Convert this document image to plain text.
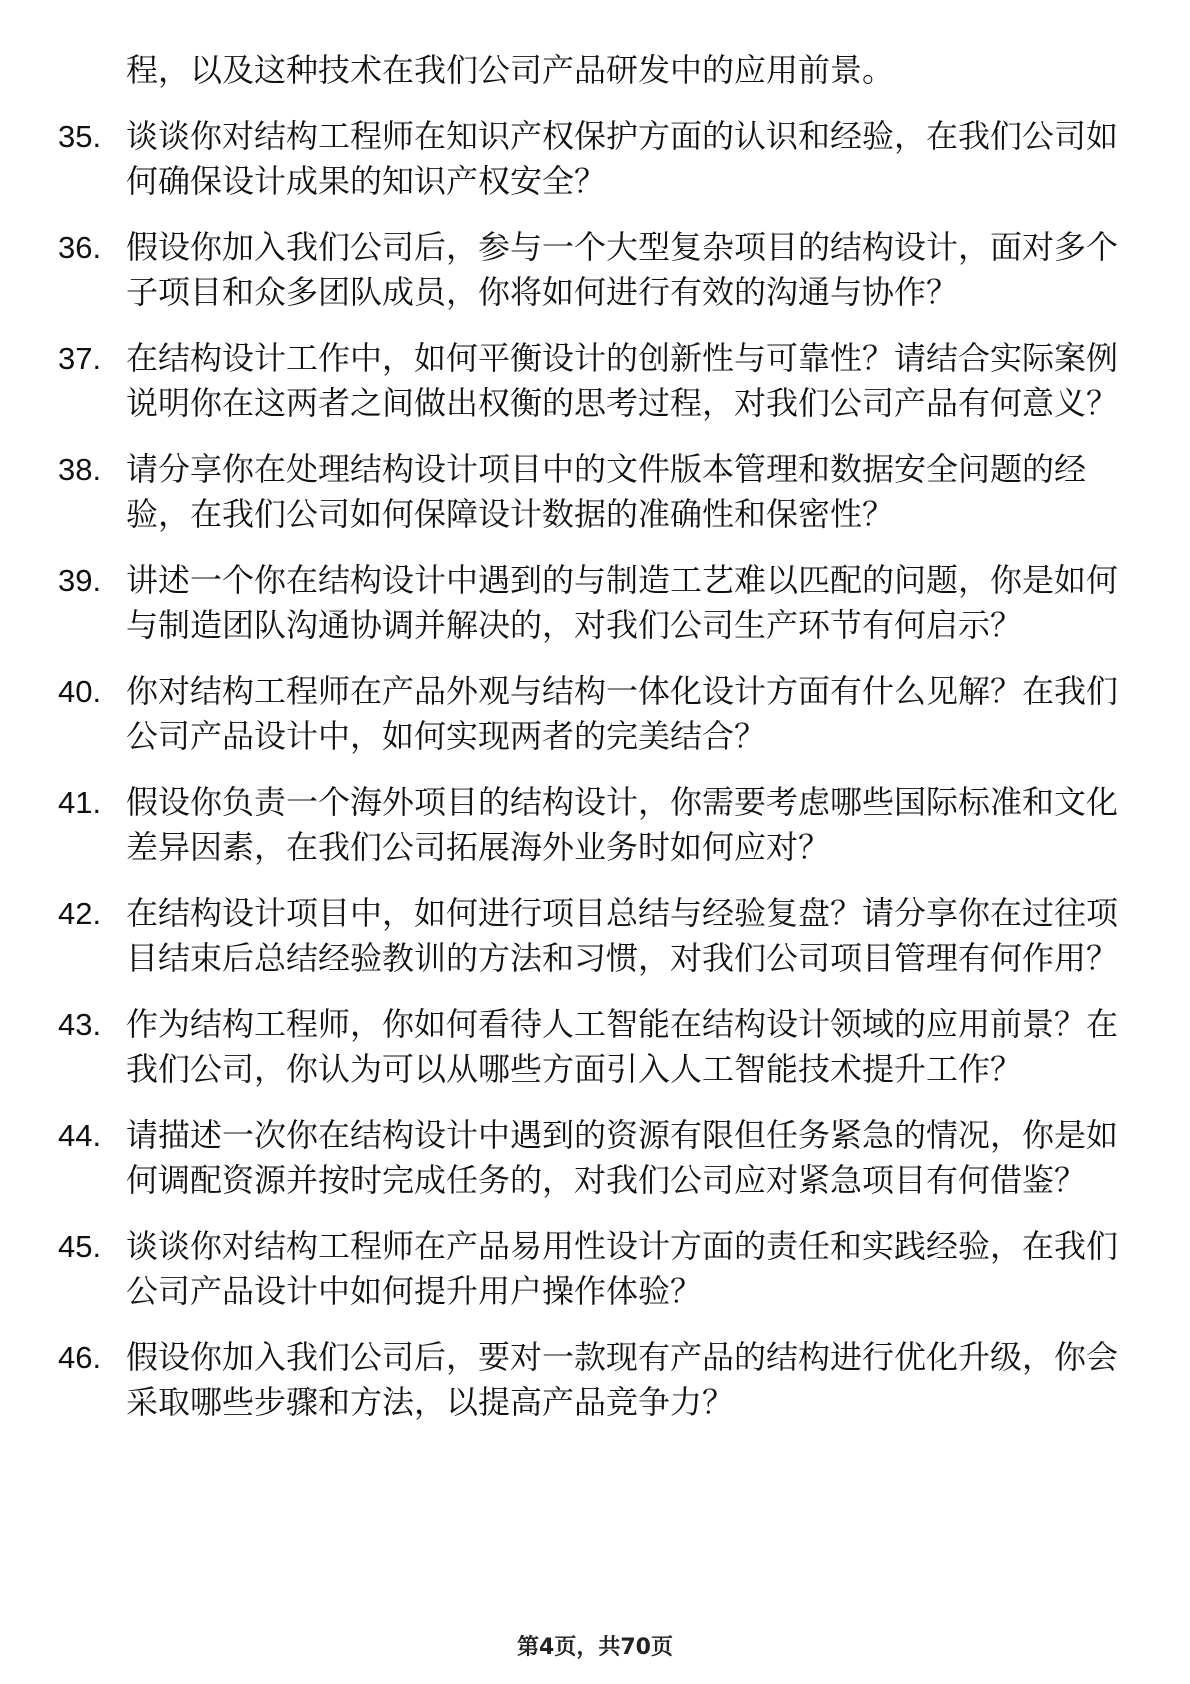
程，以及这种技术在我们公司产品研发中的应用前景。
35. 谈谈你对结构工程师在知识产权保护方面的认识和经验，在我们公司如何确保设计成果的知识产权安全？
36. 假设你加入我们公司后，参与一个大型复杂项目的结构设计，面对多个子项目和众多团队成员，你将如何进行有效的沟通与协作？
37. 在结构设计工作中，如何平衡设计的创新性与可靠性？请结合实际案例说明你在这两者之间做出权衡的思考过程，对我们公司产品有何意义？
38. 请分享你在处理结构设计项目中的文件版本管理和数据安全问题的经验，在我们公司如何保障设计数据的准确性和保密性？
39. 讲述一个你在结构设计中遇到的与制造工艺难以匹配的问题，你是如何与制造团队沟通协调并解决的，对我们公司生产环节有何启示？
40. 你对结构工程师在产品外观与结构一体化设计方面有什么见解？在我们公司产品设计中，如何实现两者的完美结合？
41. 假设你负责一个海外项目的结构设计，你需要考虑哪些国际标准和文化差异因素，在我们公司拓展海外业务时如何应对？
42. 在结构设计项目中，如何进行项目总结与经验复盘？请分享你在过往项目结束后总结经验教训的方法和习惯，对我们公司项目管理有何作用？
43. 作为结构工程师，你如何看待人工智能在结构设计领域的应用前景？在我们公司，你认为可以从哪些方面引入人工智能技术提升工作？
44. 请描述一次你在结构设计中遇到的资源有限但任务紧急的情况，你是如何调配资源并按时完成任务的，对我们公司应对紧急项目有何借鉴？
45. 谈谈你对结构工程师在产品易用性设计方面的责任和实践经验，在我们公司产品设计中如何提升用户操作体验？
46. 假设你加入我们公司后，要对一款现有产品的结构进行优化升级，你会采取哪些步骤和方法，以提高产品竞争力？
第4页，共70页
